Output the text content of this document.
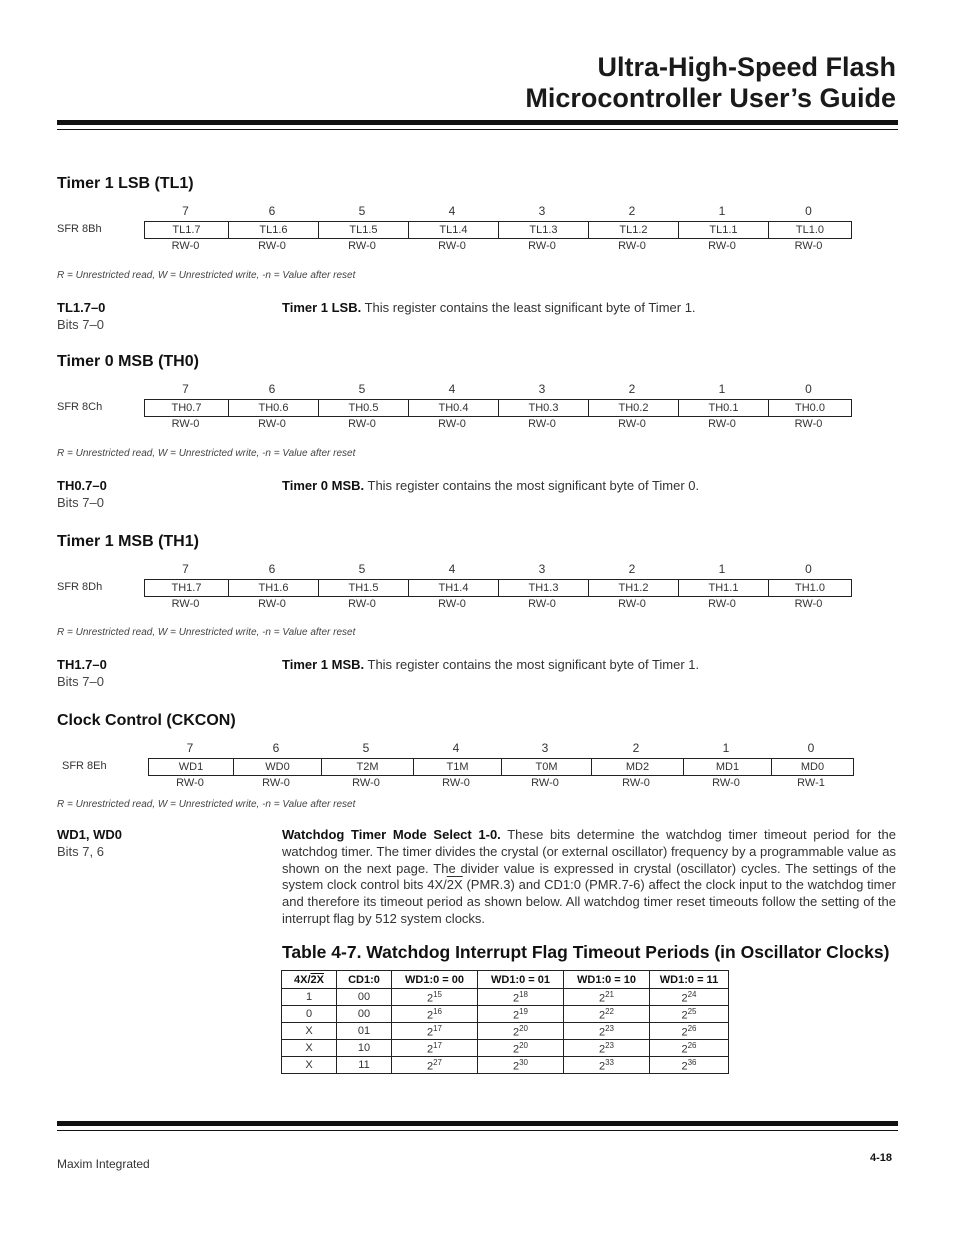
Ultra-High-Speed Flash
Microcontroller User’s Guide
Timer 1 LSB (TL1)
7	6	5	4	3	2	1	0
SFR 8Bh	TL1.7	TL1.6	TL1.5	TL1.4	TL1.3	TL1.2	TL1.1	TL1.0
RW-0	RW-0	RW-0	RW-0	RW-0	RW-0	RW-0	RW-0
R = Unrestricted read, W = Unrestricted write, -n = Value after reset
TL1.7–0
Bits 7–0
Timer 1 LSB. This register contains the least significant byte of Timer 1.
Timer 0 MSB (TH0)
7	6	5	4	3	2	1	0
SFR 8Ch	TH0.7	TH0.6	TH0.5	TH0.4	TH0.3	TH0.2	TH0.1	TH0.0
RW-0	RW-0	RW-0	RW-0	RW-0	RW-0	RW-0	RW-0
R = Unrestricted read, W = Unrestricted write, -n = Value after reset
TH0.7–0
Bits 7–0
Timer 0 MSB. This register contains the most significant byte of Timer 0.
Timer 1 MSB (TH1)
7	6	5	4	3	2	1	0
SFR 8Dh	TH1.7	TH1.6	TH1.5	TH1.4	TH1.3	TH1.2	TH1.1	TH1.0
RW-0	RW-0	RW-0	RW-0	RW-0	RW-0	RW-0	RW-0
R = Unrestricted read, W = Unrestricted write, -n = Value after reset
TH1.7–0
Bits 7–0
Timer 1 MSB. This register contains the most significant byte of Timer 1.
Clock Control (CKCON)
7	6	5	4	3	2	1	0
SFR 8Eh	WD1	WD0	T2M	T1M	T0M	MD2	MD1	MD0
RW-0	RW-0	RW-0	RW-0	RW-0	RW-0	RW-0	RW-1
R = Unrestricted read, W = Unrestricted write, -n = Value after reset
WD1, WD0
Bits 7, 6
Watchdog Timer Mode Select 1-0. These bits determine the watchdog timer timeout period for the watchdog timer. The timer divides the crystal (or external oscillator) frequency by a programmable value as shown on the next page. The divider value is expressed in crystal (oscillator) cycles. The settings of the system clock control bits 4X/2X (PMR.3) and CD1:0 (PMR.7-6) affect the clock input to the watchdog timer and therefore its timeout period as shown below. All watchdog timer reset timeouts follow the setting of the interrupt flag by 512 system clocks.
Table 4-7. Watchdog Interrupt Flag Timeout Periods (in Oscillator Clocks)
4X/2X	CD1:0	WD1:0 = 00	WD1:0 = 01	WD1:0 = 10	WD1:0 = 11
1	00	$2^{15}$	$2^{18}$	$2^{21}$	$2^{24}$
0	00	$2^{16}$	$2^{19}$	$2^{22}$	$2^{25}$
X	01	$2^{17}$	$2^{20}$	$2^{23}$	$2^{26}$
X	10	$2^{17}$	$2^{20}$	$2^{23}$	$2^{26}$
X	11	$2^{27}$	$2^{30}$	$2^{33}$	$2^{36}$
Maxim Integrated	4-18
